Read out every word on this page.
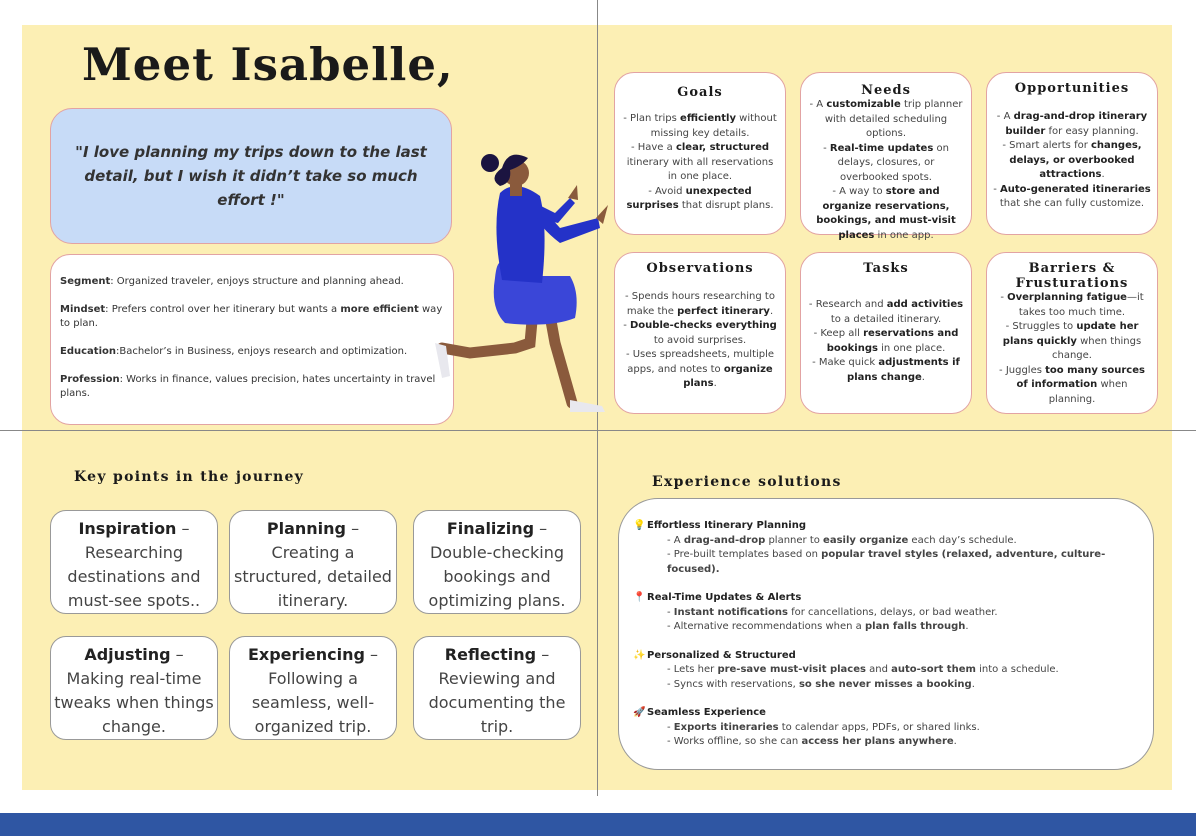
Meet Isabelle,
"I love planning my trips down to the last detail, but I wish it didn’t take so much effort !"

Segment: Organized traveler, enjoys structure and planning ahead.

Mindset: Prefers control over her itinerary but wants a more efficient way to plan.

Education:Bachelor’s in Business, enjoys research and optimization.

Profession: Works in finance, values precision, hates uncertainty in travel plans.

Goals
- Plan trips efficiently without missing key details.
- Have a clear, structured itinerary with all reservations in one place.
- Avoid unexpected surprises that disrupt plans.
Needs
- A customizable trip planner with detailed scheduling options.
- Real-time updates on delays, closures, or overbooked spots.
- A way to store and organize reservations, bookings, and must-visit places in one app.
Opportunities
- A drag-and-drop itinerary builder for easy planning.
- Smart alerts for changes, delays, or overbooked attractions.
- Auto-generated itineraries that she can fully customize.
Observations
- Spends hours researching to make the perfect itinerary.
- Double-checks everything to avoid surprises.
- Uses spreadsheets, multiple apps, and notes to organize plans.
Tasks
- Research and add activities to a detailed itinerary.
- Keep all reservations and bookings in one place.
- Make quick adjustments if plans change.
Barriers & Frusturations
- Overplanning fatigue—it takes too much time.
- Struggles to update her plans quickly when things change.
- Juggles too many sources of information when planning.
Key points in the journey
Inspiration –
Researching destinations and must-see spots..
Planning –
Creating a structured, detailed itinerary.
Finalizing –
Double-checking bookings and optimizing plans.
Adjusting –
Making real-time tweaks when things change.
Experiencing –
Following a seamless, well-organized trip.
Reflecting –
Reviewing and documenting the trip.
Experience solutions
💡 Effortless Itinerary Planning
- A drag-and-drop planner to easily organize each day’s schedule.
- Pre-built templates based on popular travel styles (relaxed, adventure, culture-focused).
📍 Real-Time Updates & Alerts
- Instant notifications for cancellations, delays, or bad weather.
- Alternative recommendations when a plan falls through.
✨ Personalized & Structured
- Lets her pre-save must-visit places and auto-sort them into a schedule.
- Syncs with reservations, so she never misses a booking.
🚀 Seamless Experience
- Exports itineraries to calendar apps, PDFs, or shared links.
- Works offline, so she can access her plans anywhere.
